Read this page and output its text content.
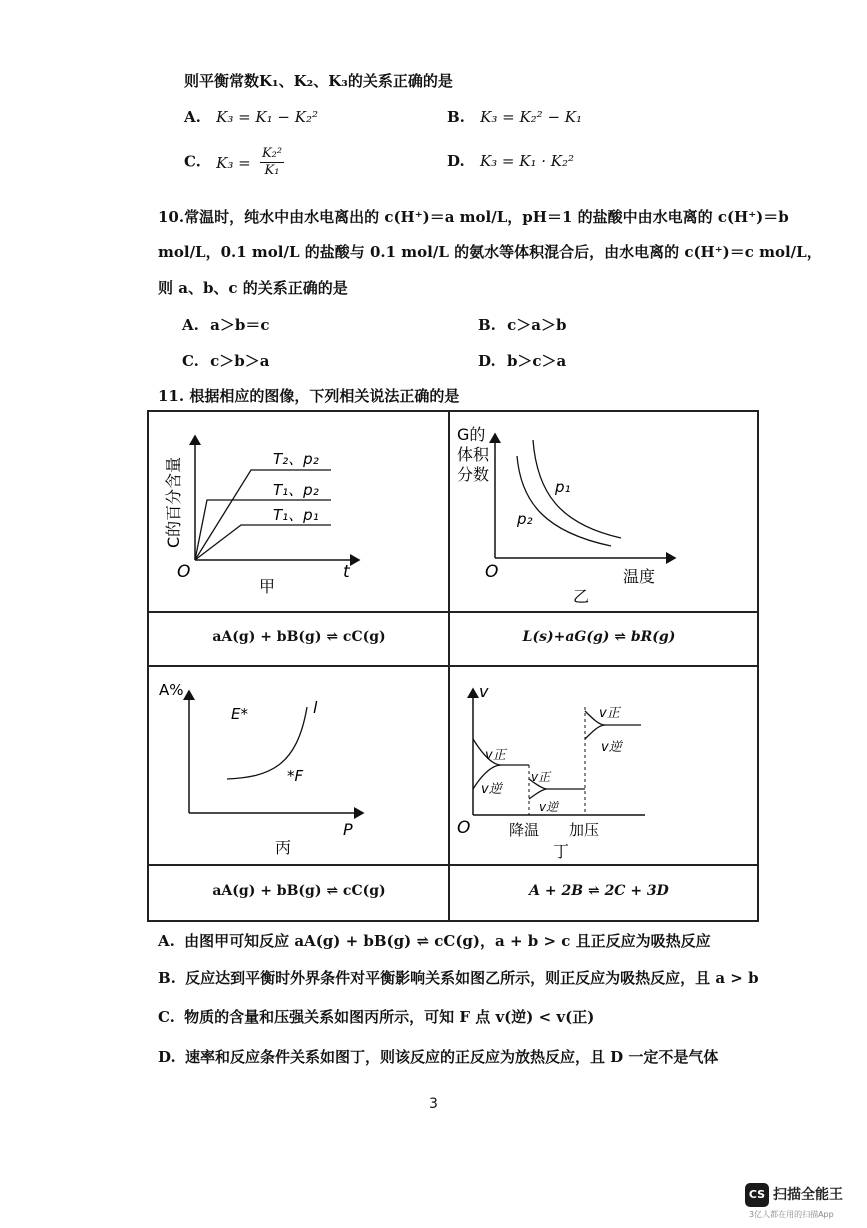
则平衡常数K₁、K₂、K₃的关系正确的是
A. K₃ = K₁ − K₂²	B. K₃ = K₂² − K₁
C. $K_3 = \frac{\text{K₂²}}{\text{K₁}}$	D. K₃ = K₁ · K₂²
10.常温时，纯水中由水电离出的 c(H⁺)＝a mol/L，pH＝1 的盐酸中由水电离的 c(H⁺)＝b
mol/L，0.1 mol/L 的盐酸与 0.1 mol/L 的氨水等体积混合后，由水电离的 c(H⁺)＝c mol/L，
则 a、b、c 的关系正确的是
A. a＞b＝c	B. c＞a＞b
C. c＞b＞a	D. b＞c＞a
11. 根据相应的图像，下列相关说法正确的是
T₂、p₂
T₁、p₂
T₁、p₁
O	t
甲
C的百分含量	p₁
p₂
G的
体积
分数
O	温度
乙
aA(g) + bB(g) ⇌ cC(g)	L(s)+aG(g) ⇌ bR(g)
E*
*F
l
A%
P
丙
v
v正
v逆
v正
v逆
v正
v逆
O	降温 加压
丁
aA(g) + bB(g) ⇌ cC(g)	A + 2B ⇌ 2C + 3D
A. 由图甲可知反应 aA(g) + bB(g) ⇌ cC(g)，a + b > c 且正反应为吸热反应
B. 反应达到平衡时外界条件对平衡影响关系如图乙所示，则正反应为吸热反应，且 a > b
C. 物质的含量和压强关系如图丙所示，可知 F 点 v(逆) < v(正)
D. 速率和反应条件关系如图丁，则该反应的正反应为放热反应，且 D 一定不是气体
3
CS 扫描全能王
3亿人都在用的扫描App
